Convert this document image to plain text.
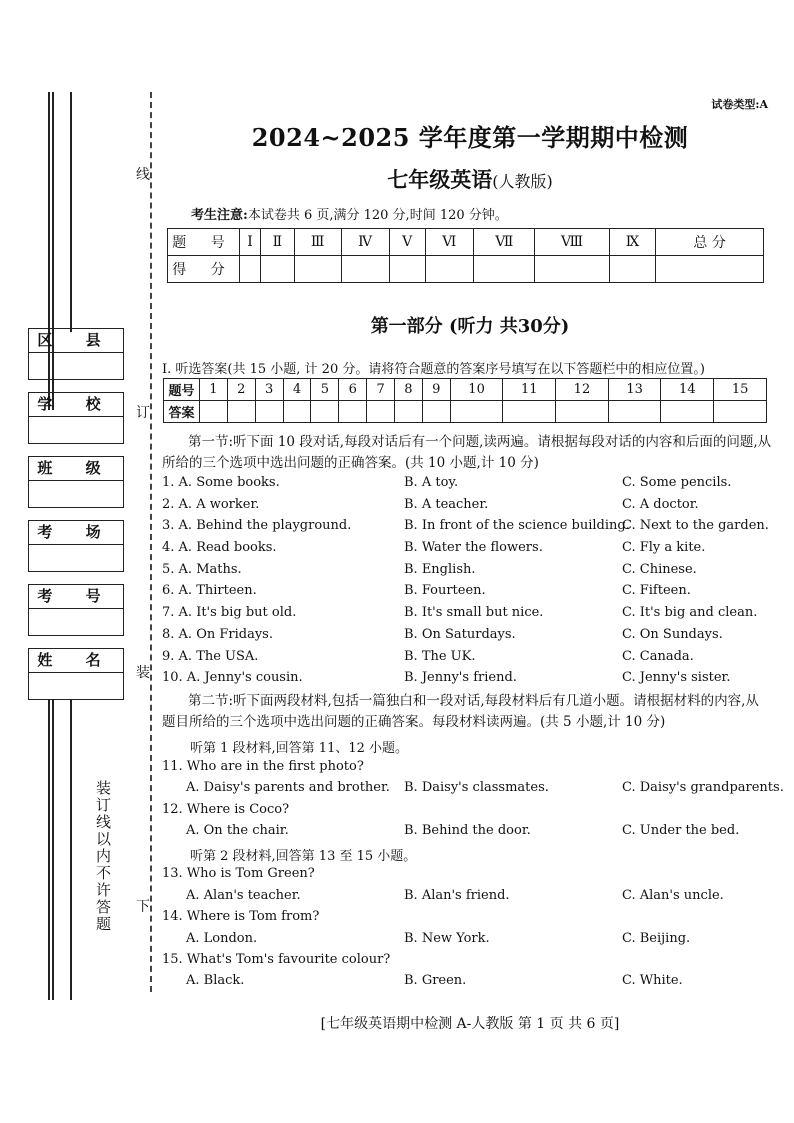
线
订
装
下
装订线以内不许答题
区 县
学 校
班 级
考 场
考 号
姓 名
试卷类型:A
2024~2025 学年度第一学期期中检测
七年级英语(人教版)
考生注意:本试卷共 6 页,满分 120 分,时间 120 分钟。
题 号	Ⅰ	Ⅱ	Ⅲ	Ⅳ	Ⅴ	Ⅵ	Ⅶ	Ⅷ	Ⅸ	总 分
得 分										
第一部分 (听力 共30分)
I. 听选答案(共 15 小题, 计 20 分。请将符合题意的答案序号填写在以下答题栏中的相应位置。)
题号	1	2	3	4	5	6	7	8	9	10	11	12	13	14	15
答案															
第一节:听下面 10 段对话,每段对话后有一个问题,读两遍。请根据每段对话的内容和后面的问题,从所给的三个选项中选出问题的正确答案。(共 10 小题,计 10 分)
1. A. Some books.	B. A toy.	C. Some pencils.
2. A. A worker.	B. A teacher.	C. A doctor.
3. A. Behind the playground.	B. In front of the science building.
C. Next to the garden.
4. A. Read books.	B. Water the flowers.	C. Fly a kite.
5. A. Maths.	B. English.	C. Chinese.
6. A. Thirteen.	B. Fourteen.	C. Fifteen.
7. A. It's big but old.	B. It's small but nice.	C. It's big and clean.
8. A. On Fridays.	B. On Saturdays.	C. On Sundays.
9. A. The USA.	B. The UK.	C. Canada.
10. A. Jenny's cousin.	B. Jenny's friend.	C. Jenny's sister.
第二节:听下面两段材料,包括一篇独白和一段对话,每段材料后有几道小题。请根据材料的内容,从题目所给的三个选项中选出问题的正确答案。每段材料读两遍。(共 5 小题,计 10 分)
听第 1 段材料,回答第 11、12 小题。
11. Who are in the first photo?
A. Daisy's parents and brother. B. Daisy's classmates.	C. Daisy's grandparents.
12. Where is Coco?
A. On the chair.	B. Behind the door.	C. Under the bed.
听第 2 段材料,回答第 13 至 15 小题。
13. Who is Tom Green?
A. Alan's teacher.	B. Alan's friend.	C. Alan's uncle.
14. Where is Tom from?
A. London.	B. New York.	C. Beijing.
15. What's Tom's favourite colour?
A. Black.	B. Green.	C. White.
[七年级英语期中检测 A-人教版 第 1 页 共 6 页]
